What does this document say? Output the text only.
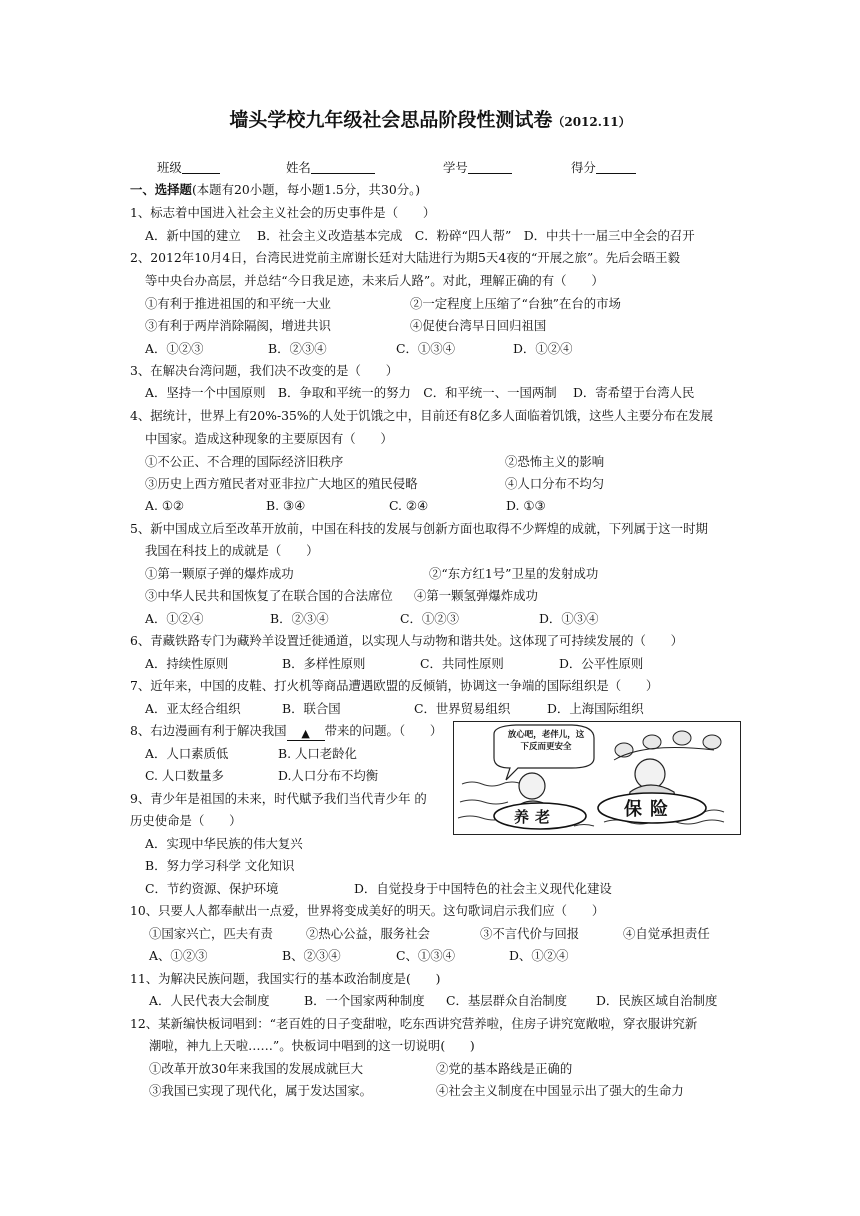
墙头学校九年级社会思品阶段性测试卷（2012.11）
班级	姓名	学号	得分
一、选择题(本题有20小题，每小题1.5分，共30分。)
1、标志着中国进入社会主义社会的历史事件是（　　）
A．新中国的建立　 B．社会主义改造基本完成　C．粉碎“四人帮”　D．中共十一届三中全会的召开
2、2012年10月4日，台湾民进党前主席谢长廷对大陆进行为期5天4夜的“开展之旅”。先后会晤王毅
等中央台办高层，并总结“今日我足迹，未来后人路”。对此，理解正确的有（　　）
①有利于推进祖国的和平统一大业	②一定程度上压缩了“台独”在台的市场
③有利于两岸消除隔阂，增进共识	④促使台湾早日回归祖国
A．①②③	B．②③④	C．①③④	D．①②④
3、在解决台湾问题，我们决不改变的是（　　）
A．坚持一个中国原则　B．争取和平统一的努力　C．和平统一、一国两制　 D．寄希望于台湾人民
4、据统计，世界上有20%-35%的人处于饥饿之中，目前还有8亿多人面临着饥饿，这些人主要分布在发展
中国家。造成这种现象的主要原因有（　　）
①不公正、不合理的国际经济旧秩序	②恐怖主义的影响
③历史上西方殖民者对亚非拉广大地区的殖民侵略	④人口分布不均匀
A. ①②	B. ③④	C. ②④	D. ①③
5、新中国成立后至改革开放前，中国在科技的发展与创新方面也取得不少辉煌的成就，下列属于这一时期
我国在科技上的成就是（　　）
①第一颗原子弹的爆炸成功	②“东方红1号”卫星的发射成功
③中华人民共和国恢复了在联合国的合法席位 ④第一颗氢弹爆炸成功
A．①②④	B．②③④	C．①②③	D．①③④
6、青藏铁路专门为藏羚羊设置迁徙通道，以实现人与动物和谐共处。这体现了可持续发展的（　　）
A．持续性原则	B．多样性原则	C．共同性原则	D．公平性原则
7、近年来，中国的皮鞋、打火机等商品遭遇欧盟的反倾销，协调这一争端的国际组织是（　　）
A．亚太经合组织	B．联合国	C．世界贸易组织	D．上海国际组织
8、右边漫画有利于解决我国 ▲ 带来的问题。（　　）
A．人口素质低	B. 人口老龄化
C. 人口数量多	D.人口分布不均衡
9、青少年是祖国的未来，时代赋予我们当代青少年 的
历史使命是（　　）
A．实现中华民族的伟大复兴
B．努力学习科学 文化知识
C．节约资源、保护环境	D．自觉投身于中国特色的社会主义现代化建设
10、只要人人都奉献出一点爱，世界将变成美好的明天。这句歌词启示我们应（　　）
①国家兴亡，匹夫有责	②热心公益，服务社会	③不言代价与回报	④自觉承担责任
A、①②③	B、②③④	C、①③④	D、①②④
11、为解决民族问题，我国实行的基本政治制度是(　　)
A．人民代表大会制度	B．一个国家两种制度 C．基层群众自治制度 D．民族区域自治制度
12、某新编快板词唱到：“老百姓的日子变甜啦，吃东西讲究营养啦，住房子讲究宽敞啦，穿衣服讲究新
潮啦，神九上天啦……”。快板词中唱到的这一切说明(　　)
①改革开放30年来我国的发展成就巨大	②党的基本路线是正确的
③我国已实现了现代化，属于发达国家。	④社会主义制度在中国显示出了强大的生命力
放心吧，老伴儿，这下反而更安全
养老	保险
